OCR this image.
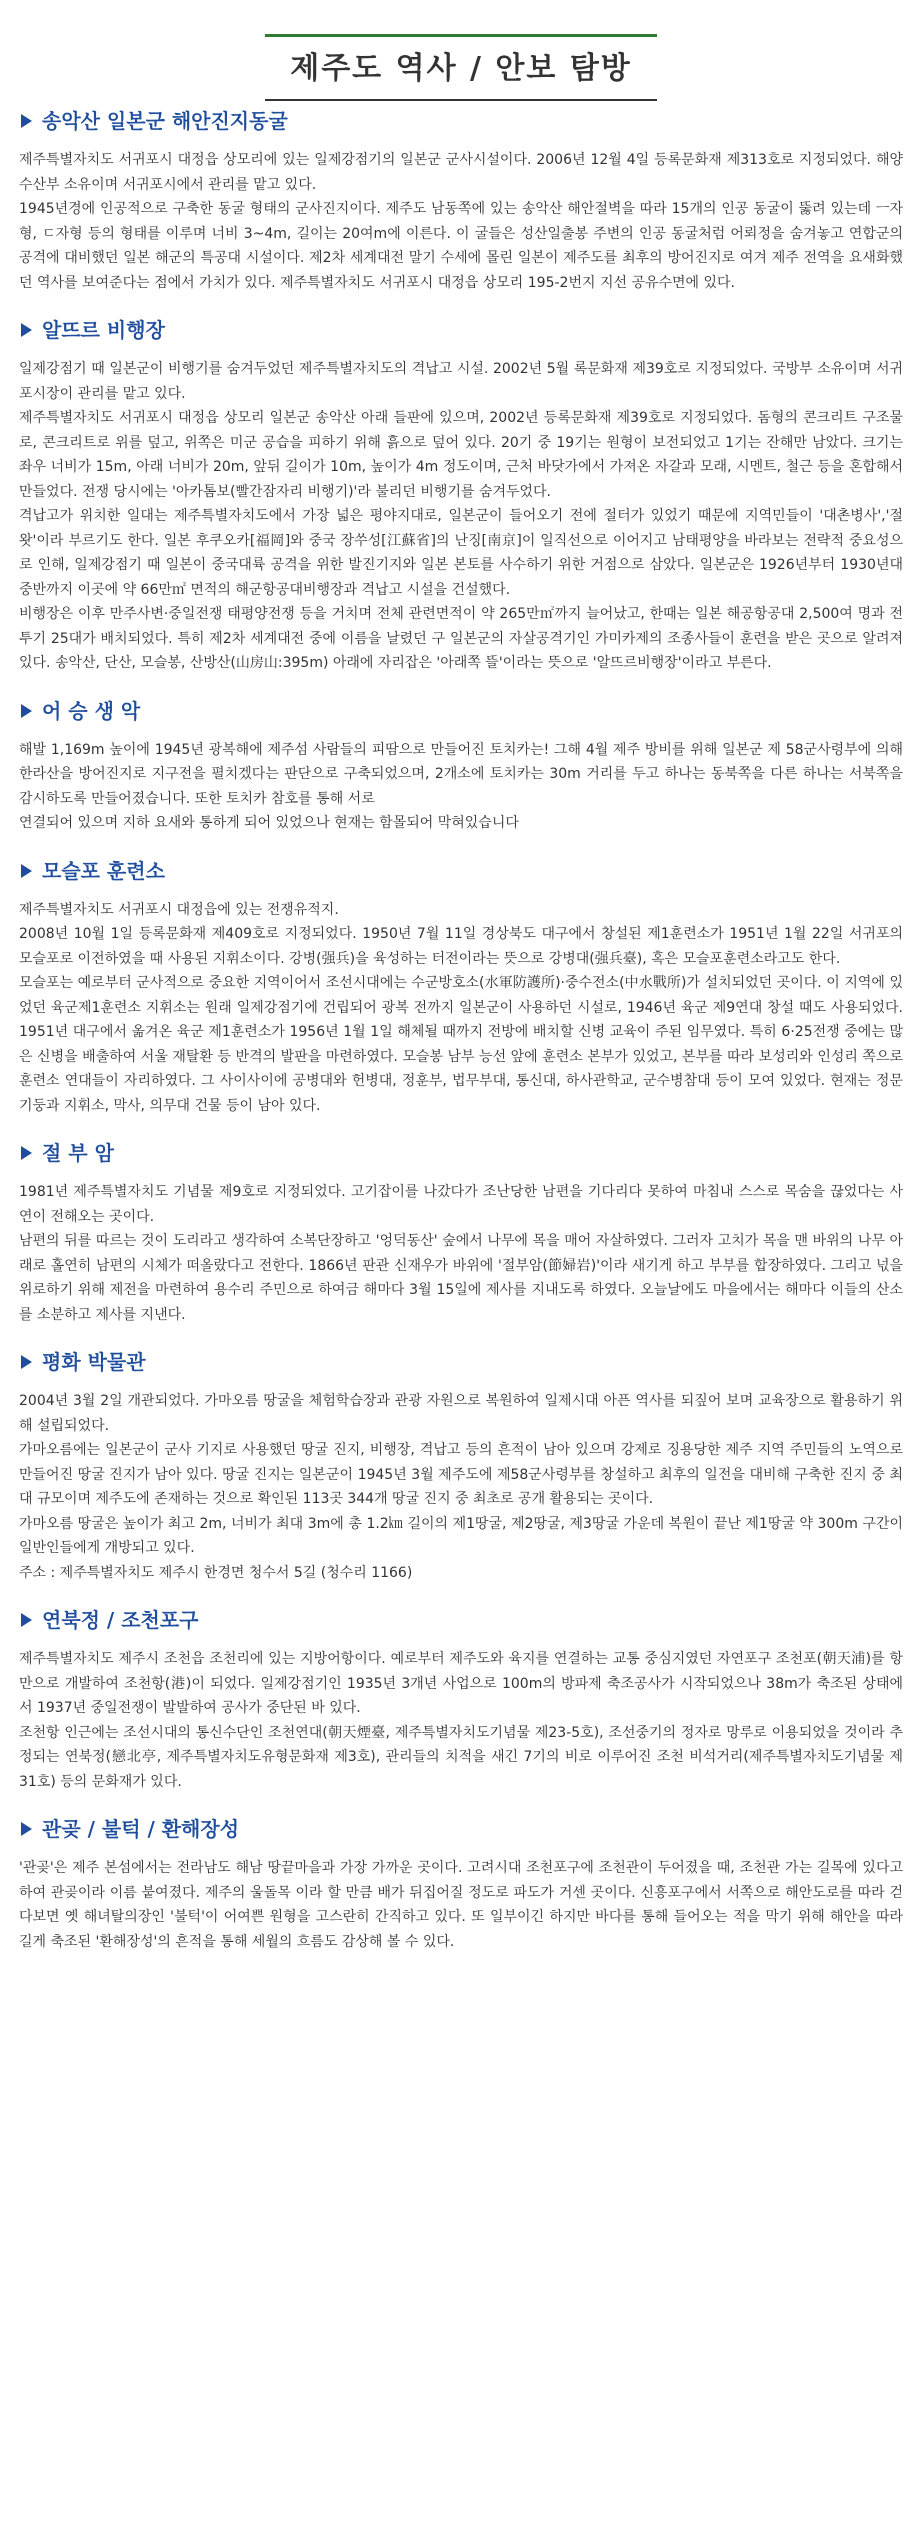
제주도 역사 / 안보 탐방
송악산 일본군 해안진지동굴

제주특별자치도 서귀포시 대정읍 상모리에 있는 일제강점기의 일본군 군사시설이다. 2006년 12월 4일 등록문화재 제313호로 지정되었다. 해양수산부 소유이며 서귀포시에서 관리를 맡고 있다.

1945년경에 인공적으로 구축한 동굴 형태의 군사진지이다. 제주도 남동쪽에 있는 송악산 해안절벽을 따라 15개의 인공 동굴이 뚫려 있는데 ㅡ자형, ㄷ자형 등의 형태를 이루며 너비 3~4m, 길이는 20여m에 이른다. 이 굴들은 성산일출봉 주변의 인공 동굴처럼 어뢰정을 숨겨놓고 연합군의 공격에 대비했던 일본 해군의 특공대 시설이다. 제2차 세계대전 말기 수세에 몰린 일본이 제주도를 최후의 방어진지로 여겨 제주 전역을 요새화했던 역사를 보여준다는 점에서 가치가 있다. 제주특별자치도 서귀포시 대정읍 상모리 195-2번지 지선 공유수면에 있다.

알뜨르 비행장

일제강점기 때 일본군이 비행기를 숨겨두었던 제주특별자치도의 격납고 시설. 2002년 5월 록문화재 제39호로 지정되었다. 국방부 소유이며 서귀포시장이 관리를 맡고 있다.

제주특별자치도 서귀포시 대정읍 상모리 일본군 송악산 아래 들판에 있으며, 2002년 등록문화재 제39호로 지정되었다. 돔형의 콘크리트 구조물로, 콘크리트로 위를 덮고, 위쪽은 미군 공습을 피하기 위해 흙으로 덮어 있다. 20기 중 19기는 원형이 보전되었고 1기는 잔해만 남았다. 크기는 좌우 너비가 15m, 아래 너비가 20m, 앞뒤 길이가 10m, 높이가 4m 정도이며, 근처 바닷가에서 가져온 자갈과 모래, 시멘트, 철근 등을 혼합해서 만들었다. 전쟁 당시에는 '아카톰보(빨간잠자리 비행기)'라 불리던 비행기를 숨겨두었다.

격납고가 위치한 일대는 제주특별자치도에서 가장 넓은 평야지대로, 일본군이 들어오기 전에 절터가 있었기 때문에 지역민들이 '대촌병사','절왓'이라 부르기도 한다. 일본 후쿠오카[福岡]와 중국 장쑤성[江蘇省]의 난징[南京]이 일직선으로 이어지고 남태평양을 바라보는 전략적 중요성으로 인해, 일제강점기 때 일본이 중국대륙 공격을 위한 발진기지와 일본 본토를 사수하기 위한 거점으로 삼았다. 일본군은 1926년부터 1930년대 중반까지 이곳에 약 66만㎡ 면적의 해군항공대비행장과 격납고 시설을 건설했다.

비행장은 이후 만주사변·중일전쟁 태평양전쟁 등을 거치며 전체 관련면적이 약 265만㎡까지 늘어났고, 한때는 일본 해공항공대 2,500여 명과 전투기 25대가 배치되었다. 특히 제2차 세계대전 중에 이름을 날렸던 구 일본군의 자살공격기인 가미카제의 조종사들이 훈련을 받은 곳으로 알려져 있다. 송악산, 단산, 모슬봉, 산방산(山房山:395m) 아래에 자리잡은 '아래쪽 뜰'이라는 뜻으로 '알뜨르비행장'이라고 부른다.

어 승 생 악

해발 1,169m 높이에 1945년 광복해에 제주섬 사람들의 피땀으로 만들어진 토치카는! 그해 4월 제주 방비를 위해 일본군 제 58군사령부에 의해 한라산을 방어진지로 지구전을 펼치겠다는 판단으로 구축되었으며, 2개소에 토치카는 30m 거리를 두고 하나는 동북쪽을 다른 하나는 서북쪽을 감시하도록 만들어졌습니다. 또한 토치카 참호를 통해 서로

연결되어 있으며 지하 요새와 통하게 되어 있었으나 현재는 함몰되어 막혀있습니다

모슬포 훈련소

제주특별자치도 서귀포시 대정읍에 있는 전쟁유적지.

2008년 10월 1일 등록문화재 제409호로 지정되었다. 1950년 7월 11일 경상북도 대구에서 창설된 제1훈련소가 1951년 1월 22일 서귀포의 모슬포로 이전하였을 때 사용된 지휘소이다. 강병(强兵)을 육성하는 터전이라는 뜻으로 강병대(强兵臺), 혹은 모슬포훈련소라고도 한다.

모슬포는 예로부터 군사적으로 중요한 지역이어서 조선시대에는 수군방호소(水軍防護所)·중수전소(中水戰所)가 설치되었던 곳이다. 이 지역에 있었던 육군제1훈련소 지휘소는 원래 일제강점기에 건립되어 광복 전까지 일본군이 사용하던 시설로, 1946년 육군 제9연대 창설 때도 사용되었다. 1951년 대구에서 옮겨온 육군 제1훈련소가 1956년 1월 1일 해체될 때까지 전방에 배치할 신병 교육이 주된 임무였다. 특히 6·25전쟁 중에는 많은 신병을 배출하여 서울 재탈환 등 반격의 발판을 마련하였다. 모슬봉 남부 능선 앞에 훈련소 본부가 있었고, 본부를 따라 보성리와 인성리 쪽으로 훈련소 연대들이 자리하였다. 그 사이사이에 공병대와 헌병대, 정훈부, 법무부대, 통신대, 하사관학교, 군수병참대 등이 모여 있었다. 현재는 정문 기둥과 지휘소, 막사, 의무대 건물 등이 남아 있다.

절 부 암

1981년 제주특별자치도 기념물 제9호로 지정되었다. 고기잡이를 나갔다가 조난당한 남편을 기다리다 못하여 마침내 스스로 목숨을 끊었다는 사연이 전해오는 곳이다.

남편의 뒤를 따르는 것이 도리라고 생각하여 소복단장하고 '엉덕동산' 숲에서 나무에 목을 매어 자살하였다. 그러자 고치가 목을 맨 바위의 나무 아래로 홀연히 남편의 시체가 떠올랐다고 전한다. 1866년 판관 신재우가 바위에 '절부암(節婦岩)'이라 새기게 하고 부부를 합장하였다. 그리고 넋을 위로하기 위해 제전을 마련하여 용수리 주민으로 하여금 해마다 3월 15일에 제사를 지내도록 하였다. 오늘날에도 마을에서는 해마다 이들의 산소를 소분하고 제사를 지낸다.

평화 박물관

2004년 3월 2일 개관되었다. 가마오름 땅굴을 체험학습장과 관광 자원으로 복원하여 일제시대 아픈 역사를 되짚어 보며 교육장으로 활용하기 위해 설립되었다.

가마오름에는 일본군이 군사 기지로 사용했던 땅굴 진지, 비행장, 격납고 등의 흔적이 남아 있으며 강제로 징용당한 제주 지역 주민들의 노역으로 만들어진 땅굴 진지가 남아 있다. 땅굴 진지는 일본군이 1945년 3월 제주도에 제58군사령부를 창설하고 최후의 일전을 대비해 구축한 진지 중 최대 규모이며 제주도에 존재하는 것으로 확인된 113곳 344개 땅굴 진지 중 최초로 공개 활용되는 곳이다.

가마오름 땅굴은 높이가 최고 2m, 너비가 최대 3m에 총 1.2㎞ 길이의 제1땅굴, 제2땅굴, 제3땅굴 가운데 복원이 끝난 제1땅굴 약 300m 구간이 일반인들에게 개방되고 있다.

주소 : 제주특별자치도 제주시 한경면 청수서 5길 (청수리 1166)

연북정 / 조천포구

제주특별자치도 제주시 조천읍 조천리에 있는 지방어항이다. 예로부터 제주도와 육지를 연결하는 교통 중심지였던 자연포구 조천포(朝天浦)를 항만으로 개발하여 조천항(港)이 되었다. 일제강점기인 1935년 3개년 사업으로 100m의 방파제 축조공사가 시작되었으나 38m가 축조된 상태에서 1937년 중일전쟁이 발발하여 공사가 중단된 바 있다.

조천항 인근에는 조선시대의 통신수단인 조천연대(朝天煙臺, 제주특별자치도기념물 제23-5호), 조선중기의 정자로 망루로 이용되었을 것이라 추정되는 연북정(戀北亭, 제주특별자치도유형문화재 제3호), 관리들의 치적을 새긴 7기의 비로 이루어진 조천 비석거리(제주특별자치도기념물 제31호) 등의 문화재가 있다.

관곶 / 불턱 / 환해장성

'관곶'은 제주 본섬에서는 전라남도 해남 땅끝마을과 가장 가까운 곳이다. 고려시대 조천포구에 조천관이 두어졌을 때, 조천관 가는 길목에 있다고 하여 관곶이라 이름 붙여졌다. 제주의 울돌목 이라 할 만큼 배가 뒤집어질 정도로 파도가 거센 곳이다. 신흥포구에서 서쪽으로 해안도로를 따라 걷다보면 옛 해녀탈의장인 '불턱'이 어여쁜 원형을 고스란히 간직하고 있다. 또 일부이긴 하지만 바다를 통해 들어오는 적을 막기 위해 해안을 따라 길게 축조된 '환해장성'의 흔적을 통해 세월의 흐름도 감상해 볼 수 있다.
